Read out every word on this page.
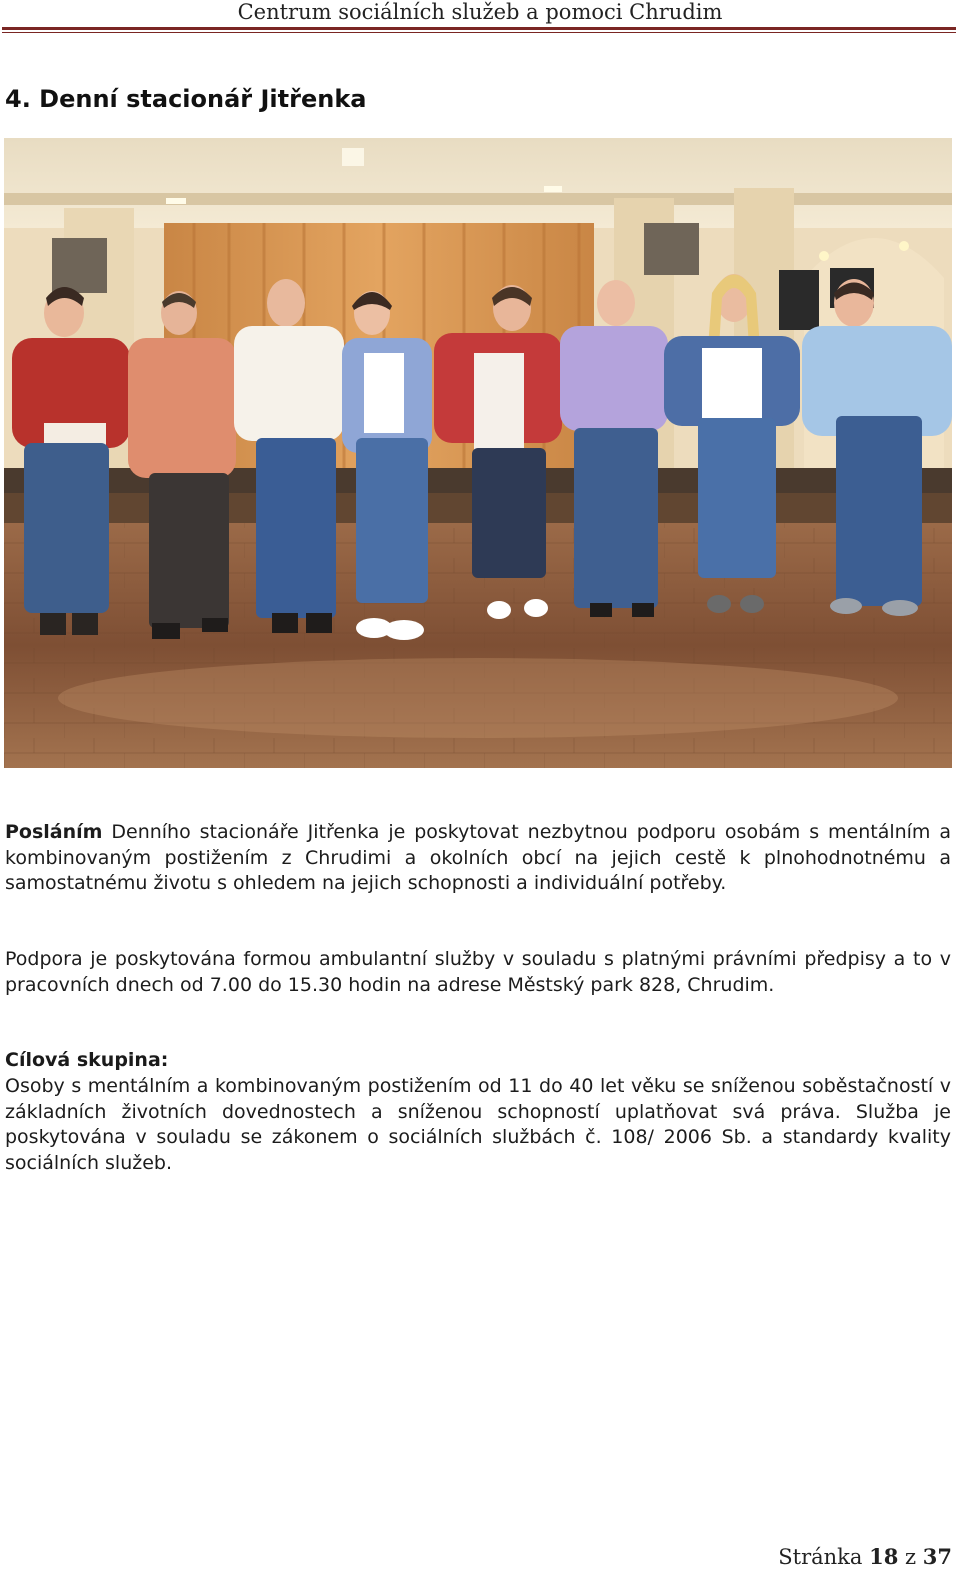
Centrum sociálních služeb a pomoci Chrudim
4. Denní stacionář Jitřenka

Posláním Denního stacionáře Jitřenka je poskytovat nezbytnou podporu osobám s mentálním a kombinovaným postižením z Chrudimi a okolních obcí na jejich cestě k plnohodnotnému a samostatnému životu s ohledem na jejich schopnosti a individuální potřeby.

Podpora je poskytována formou ambulantní služby v souladu s platnými právními předpisy a to v pracovních dnech od 7.00 do 15.30 hodin na adrese Městský park 828, Chrudim.

Cílová skupina:

Osoby s mentálním a kombinovaným postižením od 11 do 40 let věku se sníženou soběstačností v základních životních dovednostech a sníženou schopností uplatňovat svá práva. Služba je poskytována v souladu se zákonem o sociálních službách č. 108/ 2006 Sb. a standardy kvality sociálních služeb.

Stránka 18 z 37
